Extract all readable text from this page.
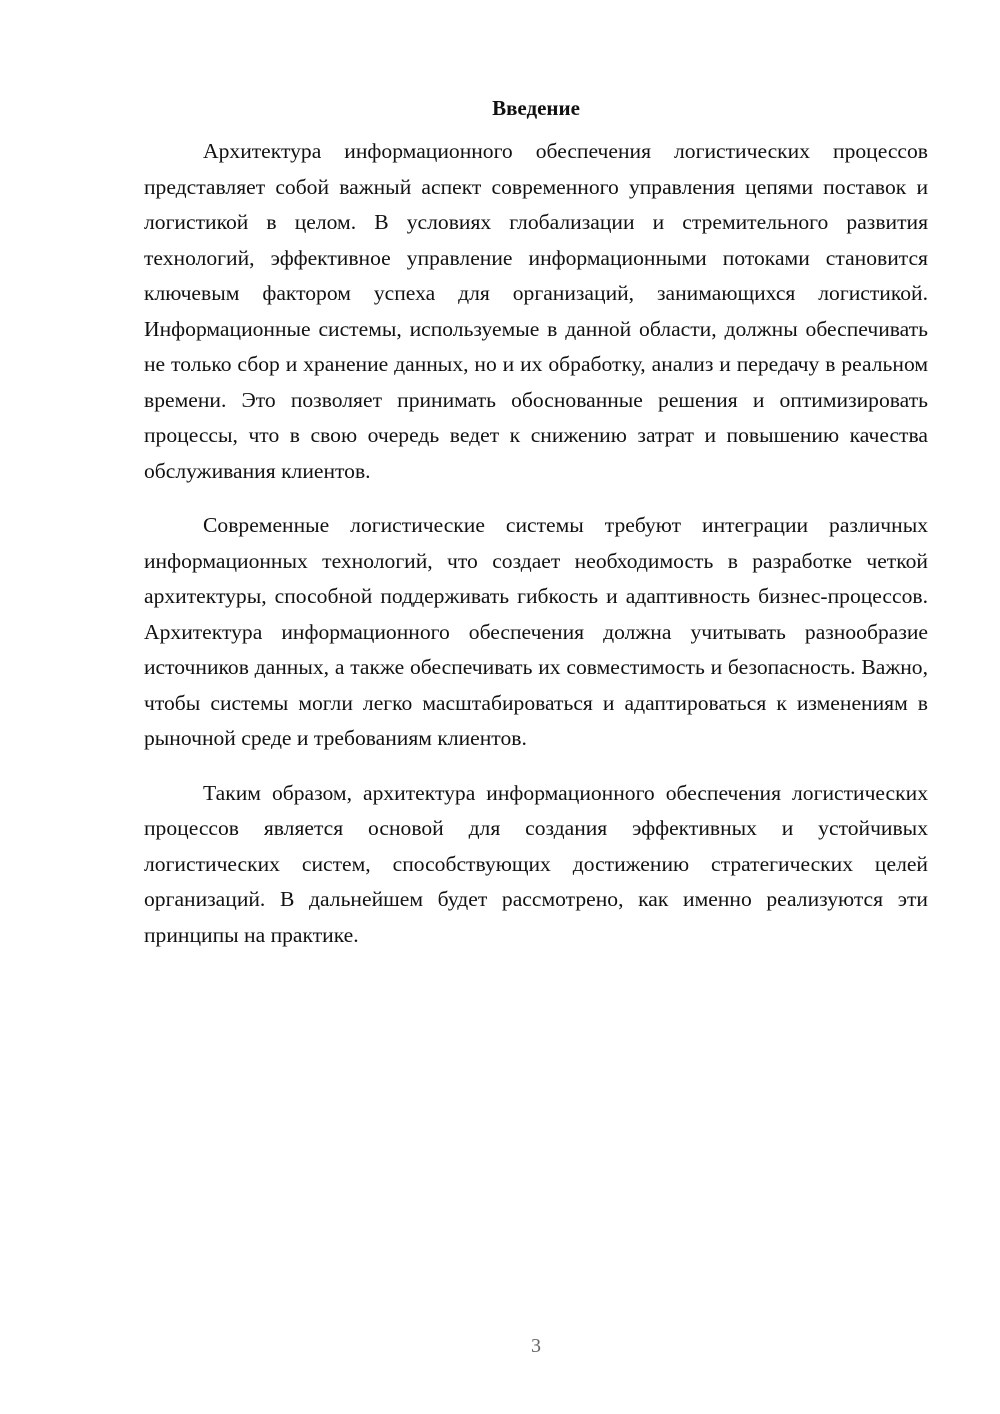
Введение

Архитектура информационного обеспечения логистических процессов представляет собой важный аспект современного управления цепями поставок и логистикой в целом. В условиях глобализации и стремительного развития технологий, эффективное управление информационными потоками становится ключевым фактором успеха для организаций, занимающихся логистикой. Информационные системы, используемые в данной области, должны обеспечивать не только сбор и хранение данных, но и их обработку, анализ и передачу в реальном времени. Это позволяет принимать обоснованные решения и оптимизировать процессы, что в свою очередь ведет к снижению затрат и повышению качества обслуживания клиентов.

Современные логистические системы требуют интеграции различных информационных технологий, что создает необходимость в разработке четкой архитектуры, способной поддерживать гибкость и адаптивность бизнес-процессов. Архитектура информационного обеспечения должна учитывать разнообразие источников данных, а также обеспечивать их совместимость и безопасность. Важно, чтобы системы могли легко масштабироваться и адаптироваться к изменениям в рыночной среде и требованиям клиентов.

Таким образом, архитектура информационного обеспечения логистических процессов является основой для создания эффективных и устойчивых логистических систем, способствующих достижению стратегических целей организаций. В дальнейшем будет рассмотрено, как именно реализуются эти принципы на практике.

3
